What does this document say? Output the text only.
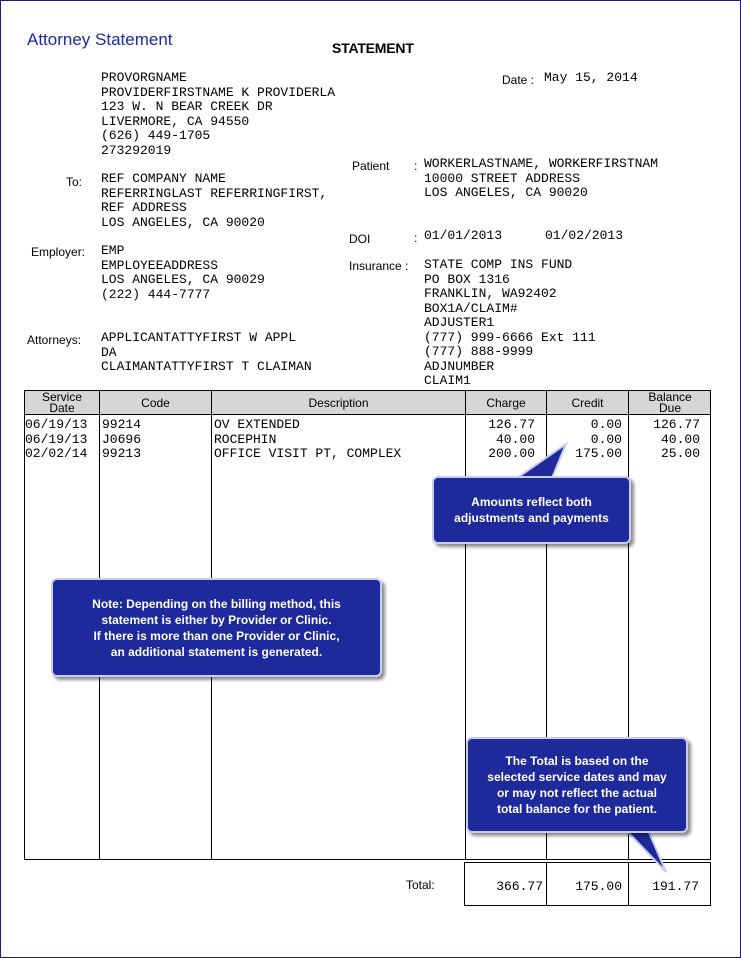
Attorney Statement	STATEMENT
PROVORGNAME
PROVIDERFIRSTNAME K PROVIDERLA
123 W. N BEAR CREEK DR
LIVERMORE, CA 94550
(626) 449-1705
273292019
Date : May 15, 2014
To: REF COMPANY NAME
REFERRINGLAST REFERRINGFIRST,
REF ADDRESS
LOS ANGELES, CA 90020
Patient : WORKERLASTNAME, WORKERFIRSTNAM
10000 STREET ADDRESS
LOS ANGELES, CA 90020
DOI	: 01/01/2013	01/02/2013
Employer: EMP
EMPLOYEEADDRESS
LOS ANGELES, CA 90029
(222) 444-7777
Insurance : STATE COMP INS FUND
PO BOX 1316
FRANKLIN, WA92402
BOX1A/CLAIM#
ADJUSTER1
(777) 999-6666 Ext 111
(777) 888-9999
ADJNUMBER
CLAIM1
Attorneys: APPLICANTATTYFIRST W APPL
DA
CLAIMANTATTYFIRST T CLAIMAN
Service
Date	Code	Description	Charge	Credit	Balance
Due
06/19/13 99214	OV EXTENDED	126.77	0.00	126.77
06/19/13 J0696	ROCEPHIN	40.00	0.00	40.00
02/02/14 99213	OFFICE VISIT PT, COMPLEX	200.00	175.00	25.00
Total:	366.77	175.00	191.77
Amounts reflect both
adjustments and payments
Note: Depending on the billing method, this
statement is either by Provider or Clinic.
If there is more than one Provider or Clinic,
an additional statement is generated.
The Total is based on the
selected service dates and may
or may not reflect the actual
total balance for the patient.
